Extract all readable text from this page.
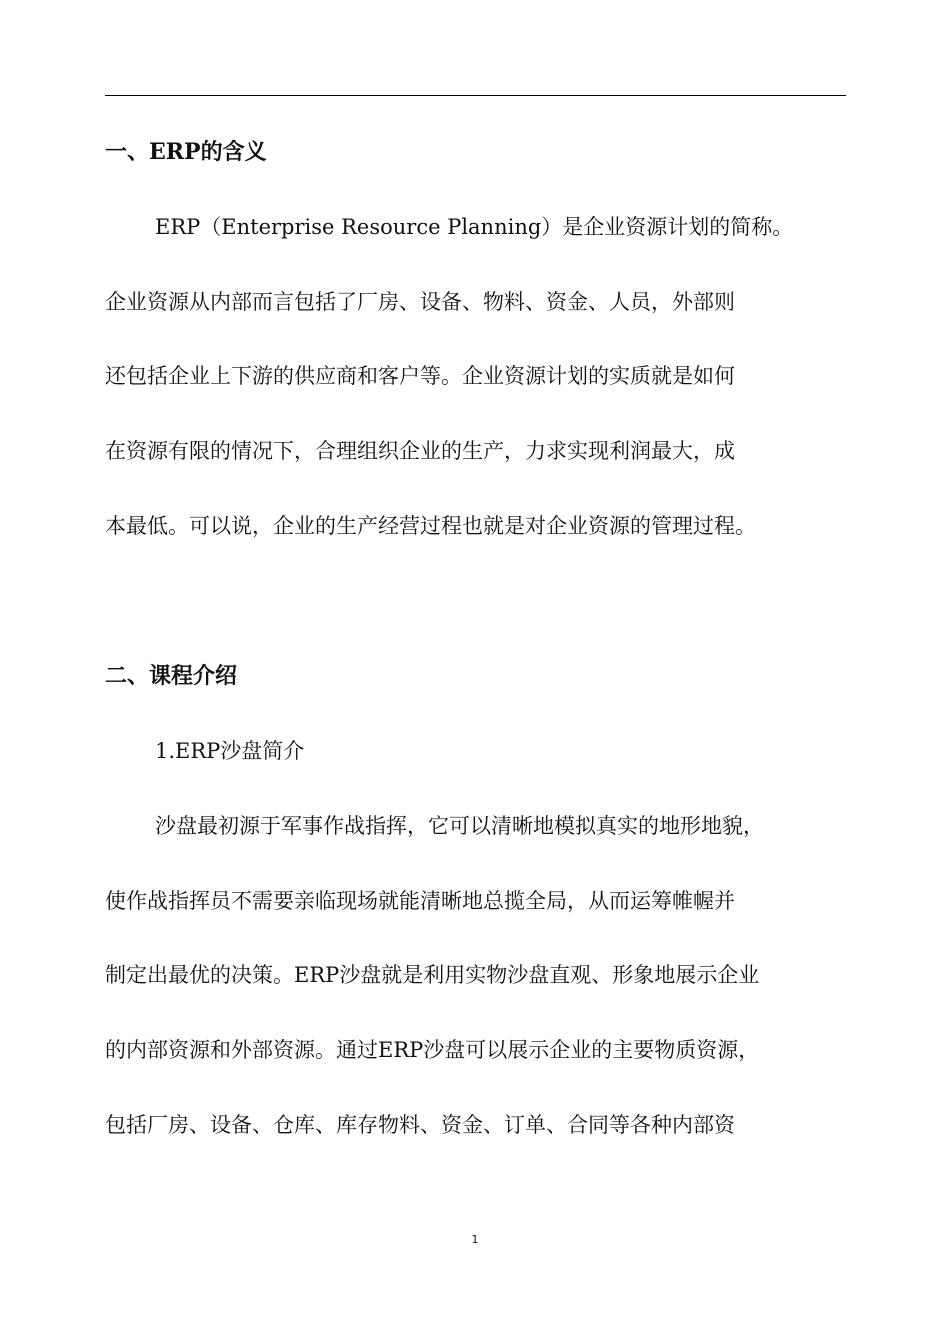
一、ERP的含义
ERP（Enterprise Resource Planning）是企业资源计划的简称。
企业资源从内部而言包括了厂房、设备、物料、资金、人员，外部则
还包括企业上下游的供应商和客户等。企业资源计划的实质就是如何
在资源有限的情况下，合理组织企业的生产，力求实现利润最大，成
本最低。可以说，企业的生产经营过程也就是对企业资源的管理过程。
二、课程介绍
1.ERP沙盘简介
沙盘最初源于军事作战指挥，它可以清晰地模拟真实的地形地貌，
使作战指挥员不需要亲临现场就能清晰地总揽全局，从而运筹帷幄并
制定出最优的决策。ERP沙盘就是利用实物沙盘直观、形象地展示企业
的内部资源和外部资源。通过ERP沙盘可以展示企业的主要物质资源，
包括厂房、设备、仓库、库存物料、资金、订单、合同等各种内部资
1
